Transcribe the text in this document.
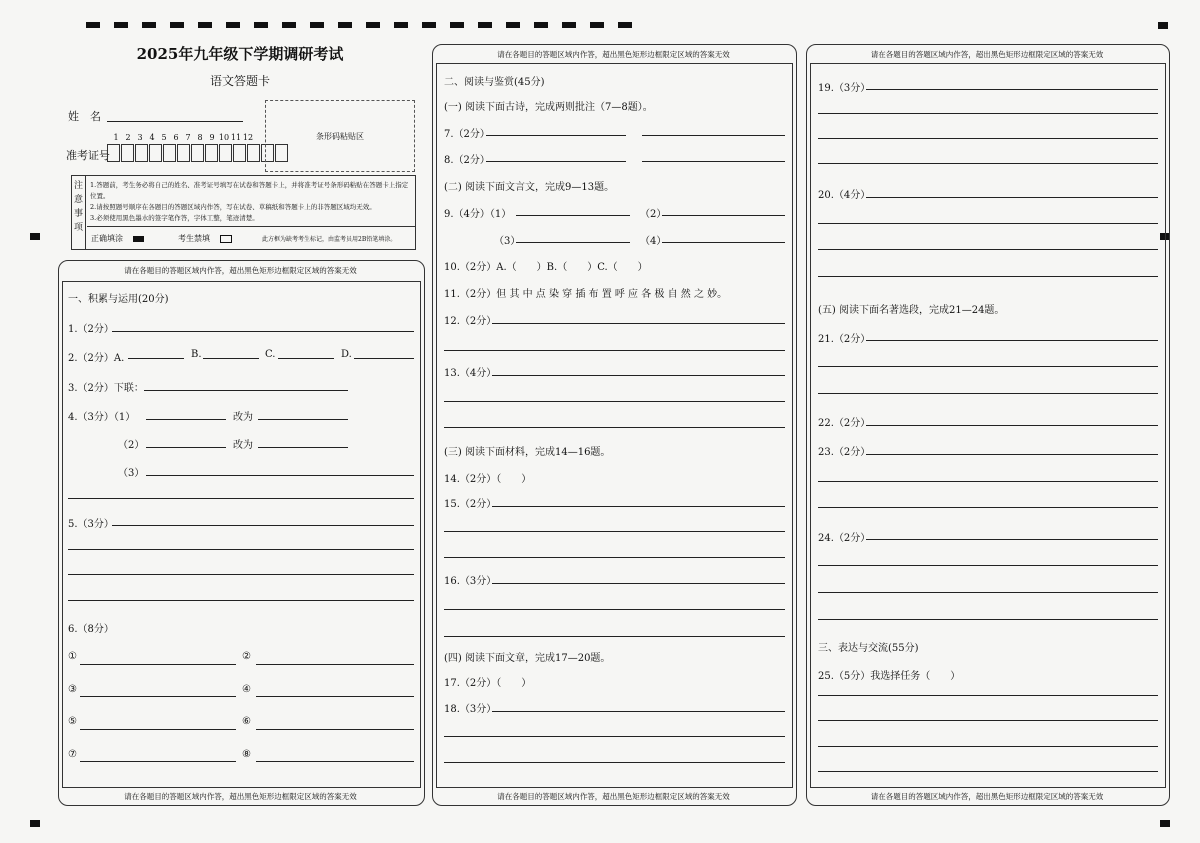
2025年九年级下学期调研考试
语文答题卡
姓　名
1 2 3 4 5 6 7 8 9 10 11 12
准考证号
条形码粘贴区
注意事项
1.答题前，考生务必将自己的姓名、准考证号填写在试卷和答题卡上，并将准考证号条形码粘贴在答题卡上指定位置。
2.请按照题号顺序在各题目的答题区域内作答，写在试卷、草稿纸和答题卡上的非答题区域均无效。
3.必须使用黑色墨水的签字笔作答，字体工整，笔迹清楚。
正确填涂	考生禁填	此方框为缺考考生标记，由监考员用2B铅笔填涂。
请在各题目的答题区域内作答，超出黑色矩形边框限定区域的答案无效
请在各题目的答题区域内作答，超出黑色矩形边框限定区域的答案无效
一、积累与运用(20分)
1.（2分）
2.（2分）A.	B.	C.	D.
3.（2分）下联：
4.（3分）（1）	改为
（2）	改为
（3）
5.（3分）
6.（8分）
①	②
③	④
⑤	⑥
⑦	⑧
请在各题目的答题区域内作答，超出黑色矩形边框限定区域的答案无效
请在各题目的答题区域内作答，超出黑色矩形边框限定区域的答案无效
二、阅读与鉴赏(45分)
(一) 阅读下面古诗，完成两则批注（7—8题）。
7.（2分）
8.（2分）
(二) 阅读下面文言文，完成9—13题。
9.（4分）（1）	（2）
（3）	（4）
10.（2分）A.（　　）B.（　　）C.（　　）
11.（2分）但 其 中 点 染 穿 插 布 置 呼 应 各 极 自 然 之 妙。
12.（2分）
13.（4分）
(三) 阅读下面材料，完成14—16题。
14.（2分）（　　）
15.（2分）
16.（3分）
(四) 阅读下面文章，完成17—20题。
17.（2分）（　　）
18.（3分）
请在各题目的答题区域内作答，超出黑色矩形边框限定区域的答案无效
请在各题目的答题区域内作答，超出黑色矩形边框限定区域的答案无效
19.（3分）
20.（4分）
(五) 阅读下面名著选段，完成21—24题。
21.（2分）
22.（2分）
23.（2分）
24.（2分）
三、表达与交流(55分)
25.（5分）我选择任务（　　）
